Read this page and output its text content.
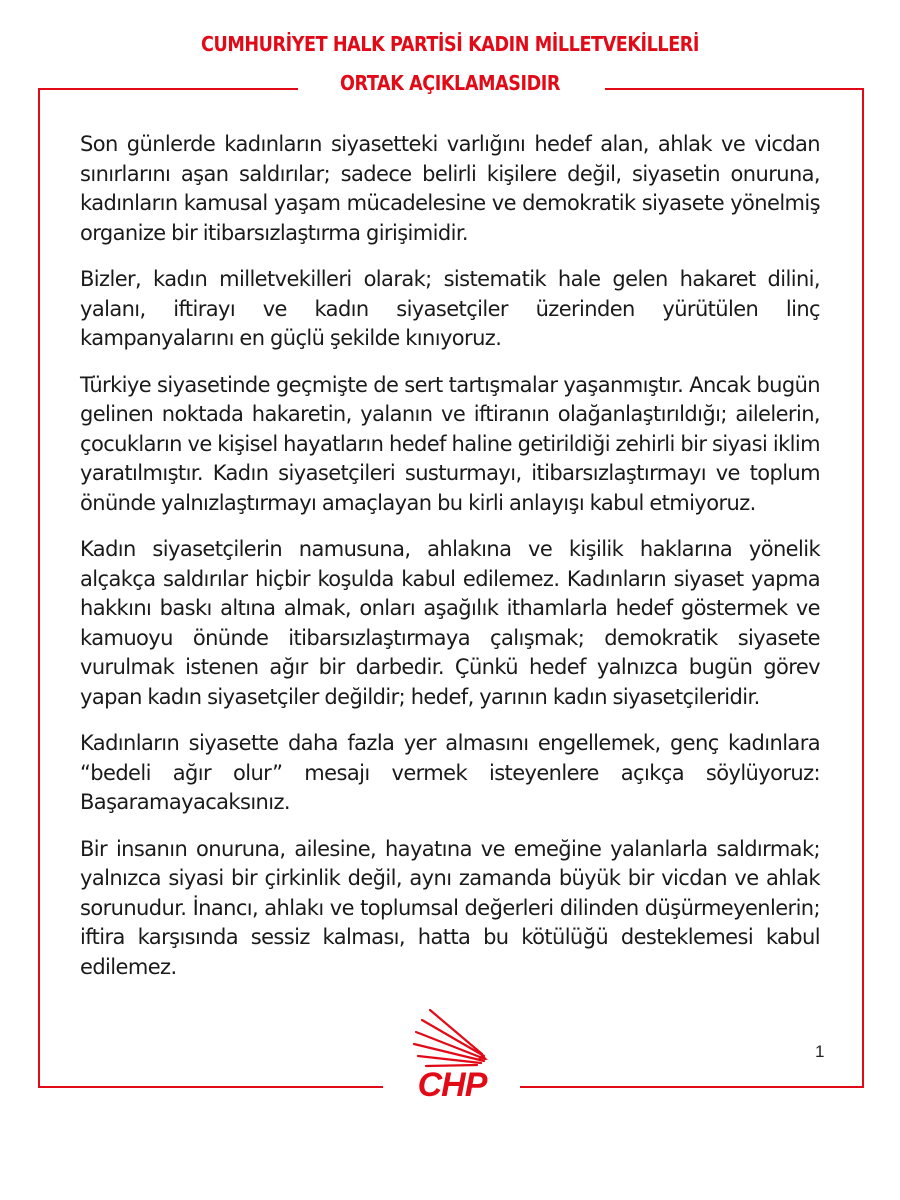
CUMHURİYET HALK PARTİSİ KADIN MİLLETVEKİLLERİ
ORTAK AÇIKLAMASIDIR

Son günlerde kadınların siyasetteki varlığını hedef alan, ahlak ve vicdan sınırlarını aşan saldırılar; sadece belirli kişilere değil, siyasetin onuruna, kadınların kamusal yaşam mücadelesine ve demokratik siyasete yönelmiş organize bir itibarsızlaştırma girişimidir.

Bizler, kadın milletvekilleri olarak; sistematik hale gelen hakaret dilini, yalanı, iftirayı ve kadın siyasetçiler üzerinden yürütülen linç kampanyalarını en güçlü şekilde kınıyoruz.

Türkiye siyasetinde geçmişte de sert tartışmalar yaşanmıştır. Ancak bugün gelinen noktada hakaretin, yalanın ve iftiranın olağanlaştırıldığı; ailelerin, çocukların ve kişisel hayatların hedef haline getirildiği zehirli bir siyasi iklim yaratılmıştır. Kadın siyasetçileri susturmayı, itibarsızlaştırmayı ve toplum önünde yalnızlaştırmayı amaçlayan bu kirli anlayışı kabul etmiyoruz.

Kadın siyasetçilerin namusuna, ahlakına ve kişilik haklarına yönelik alçakça saldırılar hiçbir koşulda kabul edilemez. Kadınların siyaset yapma hakkını baskı altına almak, onları aşağılık ithamlarla hedef göstermek ve kamuoyu önünde itibarsızlaştırmaya çalışmak; demokratik siyasete vurulmak istenen ağır bir darbedir. Çünkü hedef yalnızca bugün görev yapan kadın siyasetçiler değildir; hedef, yarının kadın siyasetçileridir.

Kadınların siyasette daha fazla yer almasını engellemek, genç kadınlara “bedeli ağır olur” mesajı vermek isteyenlere açıkça söylüyoruz: Başaramayacaksınız.

Bir insanın onuruna, ailesine, hayatına ve emeğine yalanlarla saldırmak; yalnızca siyasi bir çirkinlik değil, aynı zamanda büyük bir vicdan ve ahlak sorunudur. İnancı, ahlakı ve toplumsal değerleri dilinden düşürmeyenlerin; iftira karşısında sessiz kalması, hatta bu kötülüğü desteklemesi kabul edilemez.

CHP
1
